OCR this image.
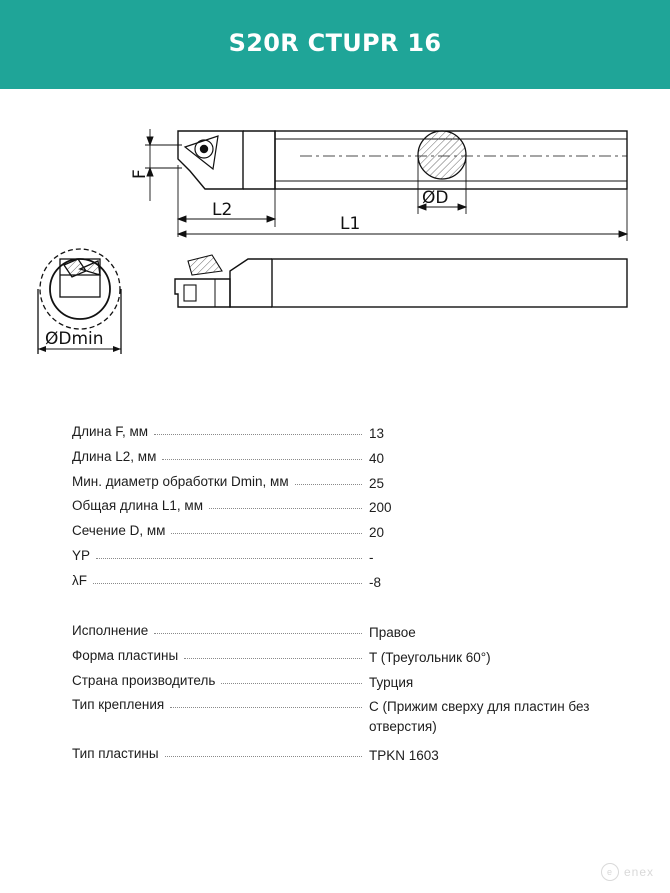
S20R CTUPR 16
F
L2
L1
ØD
ØDmin
Длина F, мм	13
Длина L2, мм	40
Мин. диаметр обработки Dmin, мм	25
Общая длина L1, мм	200
Сечение D, мм	20
YP	-
λF	-8
Исполнение	Правое
Форма пластины	T (Треугольник 60°)
Страна производитель	Турция
Тип крепления	C (Прижим сверху для пластин без отверстия)
Тип пластины	TPKN 1603
e enex
